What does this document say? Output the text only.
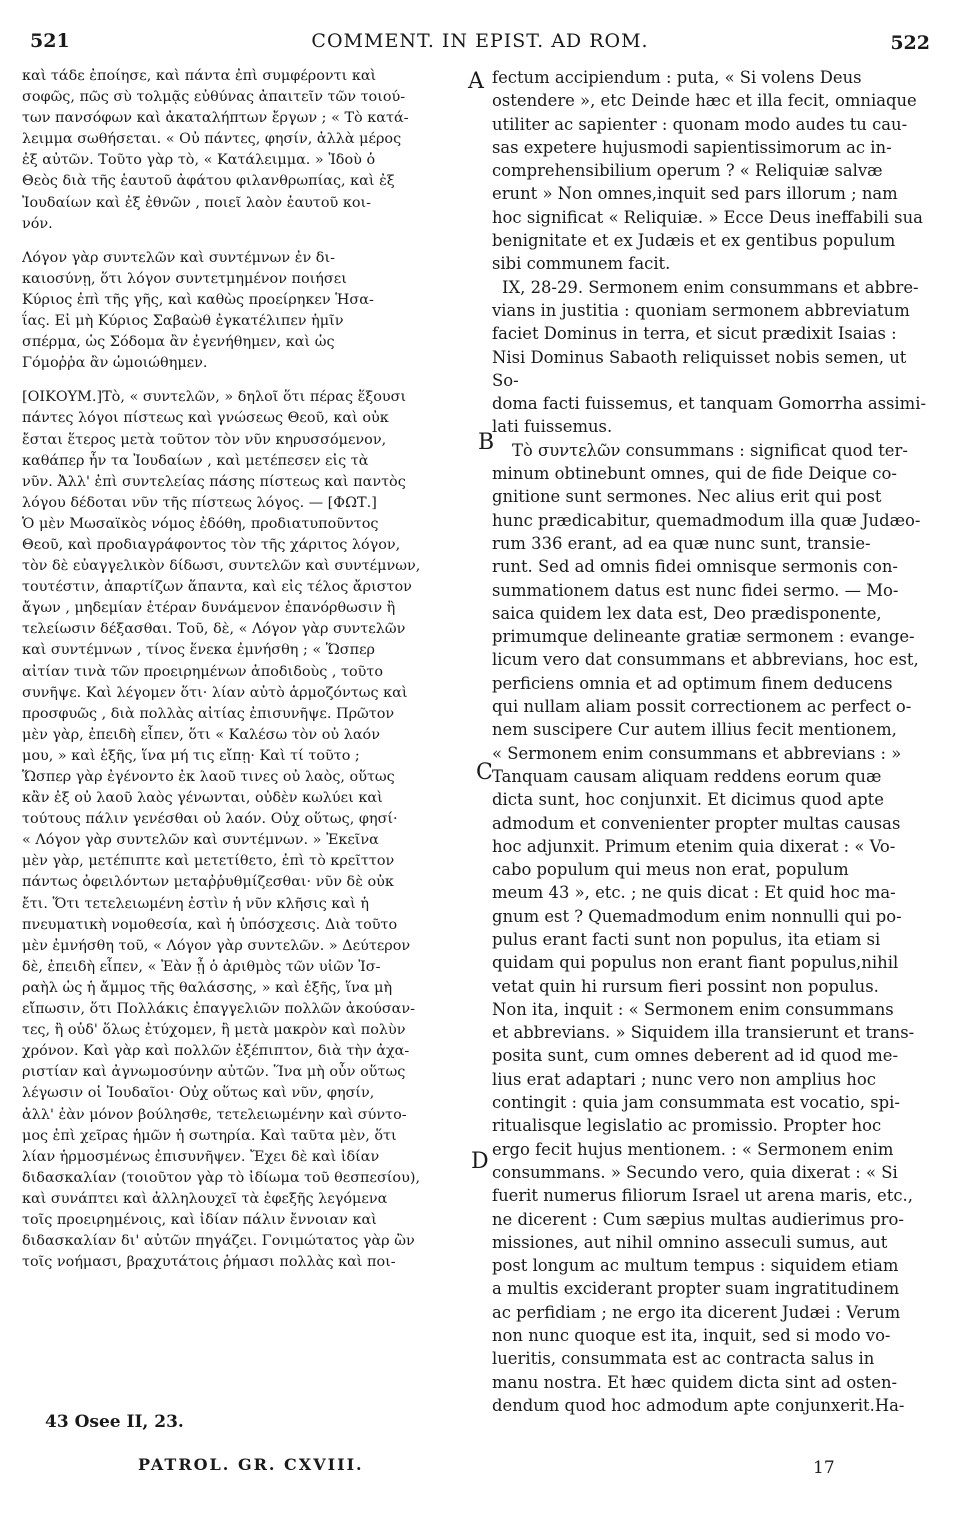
521	COMMENT. IN EPIST. AD ROM.	522

καὶ τάδε ἐποίησε, καὶ πάντα ἐπὶ συμφέροντι καὶ
σοφῶς, πῶς σὺ τολμᾷς εὐθύνας ἀπαιτεῖν τῶν τοιού-
των πανσόφων καὶ ἀκαταλήπτων ἔργων ; « Τὸ κατά-
λειμμα σωθήσεται. « Οὐ πάντες, φησίν, ἀλλὰ μέρος
ἐξ αὐτῶν. Τοῦτο γὰρ τὸ, « Κατάλειμμα. » Ἰδοὺ ὁ
Θεὸς διὰ τῆς ἑαυτοῦ ἀφάτου φιλανθρωπίας, καὶ ἐξ
Ἰουδαίων καὶ ἐξ ἐθνῶν , ποιεῖ λαὸν ἑαυτοῦ κοι-
νόν.

Λόγον γὰρ συντελῶν καὶ συντέμνων ἐν δι-
καιοσύνῃ, ὅτι λόγον συντετμημένον ποιήσει
Κύριος ἐπὶ τῆς γῆς, καὶ καθὼς προείρηκεν Ἡσα-
ΐας. Εἰ μὴ Κύριος Σαβαὼθ ἐγκατέλιπεν ἡμῖν
σπέρμα, ὡς Σόδομα ἂν ἐγενήθημεν, καὶ ὡς
Γόμοῤῥα ἂν ὡμοιώθημεν.

[ΟΙΚΟΥΜ.]Τὸ, « συντελῶν, » δηλοῖ ὅτι πέρας ἕξουσι
πάντες λόγοι πίστεως καὶ γνώσεως Θεοῦ, καὶ οὐκ
ἔσται ἕτερος μετὰ τοῦτον τὸν νῦν κηρυσσόμενον,
καθάπερ ἦν τα Ἰουδαίων , καὶ μετέπεσεν εἰς τὰ
νῦν. Ἀλλ' ἐπὶ συντελείας πάσης πίστεως καὶ παντὸς
λόγου δέδοται νῦν τῆς πίστεως λόγος. — [ΦΩΤ.]
Ὁ μὲν Μωσαϊκὸς νόμος ἐδόθη, προδιατυποῦντος
Θεοῦ, καὶ προδιαγράφοντος τὸν τῆς χάριτος λόγον,
τὸν δὲ εὐαγγελικὸν δίδωσι, συντελῶν καὶ συντέμνων,
τουτέστιν, ἀπαρτίζων ἅπαντα, καὶ εἰς τέλος ἄριστον
ἄγων , μηδεμίαν ἑτέραν δυνάμενον ἐπανόρθωσιν ἢ
τελείωσιν δέξασθαι. Τοῦ, δὲ, « Λόγον γὰρ συντελῶν
καὶ συντέμνων , τίνος ἕνεκα ἐμνήσθη ; « Ὥσπερ
αἰτίαν τινὰ τῶν προειρημένων ἀποδιδοὺς , τοῦτο
συνῆψε. Καὶ λέγομεν ὅτι· λίαν αὐτὸ ἁρμοζόντως καὶ
προσφυῶς , διὰ πολλὰς αἰτίας ἐπισυνῆψε. Πρῶτον
μὲν γὰρ, ἐπειδὴ εἶπεν, ὅτι « Καλέσω τὸν οὐ λαόν
μου, » καὶ ἑξῆς, ἵνα μή τις εἴπῃ· Καὶ τί τοῦτο ;
Ὥσπερ γὰρ ἐγένοντο ἐκ λαοῦ τινες οὐ λαὸς, οὕτως
κἂν ἐξ οὐ λαοῦ λαὸς γένωνται, οὐδὲν κωλύει καὶ
τούτους πάλιν γενέσθαι οὐ λαόν. Οὐχ οὕτως, φησί·
« Λόγον γὰρ συντελῶν καὶ συντέμνων. » Ἐκεῖνα
μὲν γὰρ, μετέπιπτε καὶ μετετίθετο, ἐπὶ τὸ κρεῖττον
πάντως ὀφειλόντων μεταῤῥυθμίζεσθαι· νῦν δὲ οὐκ
ἔτι. Ὅτι τετελειωμένη ἐστὶν ἡ νῦν κλῆσις καὶ ἡ
πνευματικὴ νομοθεσία, καὶ ἡ ὑπόσχεσις. Διὰ τοῦτο
μὲν ἐμνήσθη τοῦ, « Λόγον γὰρ συντελῶν. » Δεύτερον
δὲ, ἐπειδὴ εἶπεν, « Ἐὰν ᾖ ὁ ἀριθμὸς τῶν υἱῶν Ἰσ-
ραὴλ ὡς ἡ ἄμμος τῆς θαλάσσης, » καὶ ἑξῆς, ἵνα μὴ
εἴπωσιν, ὅτι Πολλάκις ἐπαγγελιῶν πολλῶν ἀκούσαν-
τες, ἢ οὐδ' ὅλως ἐτύχομεν, ἢ μετὰ μακρὸν καὶ πολὺν
χρόνον. Καὶ γὰρ καὶ πολλῶν ἐξέπιπτον, διὰ τὴν ἀχα-
ριστίαν καὶ ἀγνωμοσύνην αὐτῶν. Ἵνα μὴ οὖν οὕτως
λέγωσιν οἱ Ἰουδαῖοι· Οὐχ οὕτως καὶ νῦν, φησίν,
ἀλλ' ἐὰν μόνον βούλησθε, τετελειωμένην καὶ σύντο-
μος ἐπὶ χεῖρας ἡμῶν ἡ σωτηρία. Καὶ ταῦτα μὲν, ὅτι
λίαν ἡρμοσμένως ἐπισυνῆψεν. Ἔχει δὲ καὶ ἰδίαν
διδασκαλίαν (τοιοῦτον γὰρ τὸ ἰδίωμα τοῦ θεσπεσίου),
καὶ συνάπτει καὶ ἀλληλουχεῖ τὰ ἐφεξῆς λεγόμενα
τοῖς προειρημένοις, καὶ ἰδίαν πάλιν ἔννοιαν καὶ
διδασκαλίαν δι' αὐτῶν πηγάζει. Γονιμώτατος γὰρ ὢν
τοῖς νοήμασι, βραχυτάτοις ῥήμασι πολλὰς καὶ ποι-

fectum accipiendum : puta, « Si volens Deus
ostendere », etc Deinde hæc et illa fecit, omniaque
utiliter ac sapienter : quonam modo audes tu cau-
sas expetere hujusmodi sapientissimorum ac in-
comprehensibilium operum ? « Reliquiæ salvæ
erunt » Non omnes,inquit sed pars illorum ; nam
hoc significat « Reliquiæ. » Ecce Deus ineffabili sua
benignitate et ex Judæis et ex gentibus populum
sibi communem facit.

IX, 28-29. Sermonem enim consummans et abbre-
vians in justitia : quoniam sermonem abbreviatum
faciet Dominus in terra, et sicut prædixit Isaias :
Nisi Dominus Sabaoth reliquisset nobis semen, ut So-
doma facti fuissemus, et tanquam Gomorrha assimi-
lati fuissemus.

Τὸ συντελῶν consummans : significat quod ter-
minum obtinebunt omnes, qui de fide Deique co-
gnitione sunt sermones. Nec alius erit qui post
hunc prædicabitur, quemadmodum illa quæ Judæo-
rum 336 erant, ad ea quæ nunc sunt, transie-
runt. Sed ad omnis fidei omnisque sermonis con-
summationem datus est nunc fidei sermo. — Mo-
saica quidem lex data est, Deo prædisponente,
primumque delineante gratiæ sermonem : evange-
licum vero dat consummans et abbrevians, hoc est,
perficiens omnia et ad optimum finem deducens
qui nullam aliam possit correctionem ac perfect o-
nem suscipere Cur autem illius fecit mentionem,
« Sermonem enim consummans et abbrevians : »
Tanquam causam aliquam reddens eorum quæ
dicta sunt, hoc conjunxit. Et dicimus quod apte
admodum et convenienter propter multas causas
hoc adjunxit. Primum etenim quia dixerat : « Vo-
cabo populum qui meus non erat, populum
meum 43 », etc. ; ne quis dicat : Et quid hoc ma-
gnum est ? Quemadmodum enim nonnulli qui po-
pulus erant facti sunt non populus, ita etiam si
quidam qui populus non erant fiant populus,nihil
vetat quin hi rursum fieri possint non populus.
Non ita, inquit : « Sermonem enim consummans
et abbrevians. » Siquidem illa transierunt et trans-
posita sunt, cum omnes deberent ad id quod me-
lius erat adaptari ; nunc vero non amplius hoc
contingit : quia jam consummata est vocatio, spi-
ritualisque legislatio ac promissio. Propter hoc
ergo fecit hujus mentionem. : « Sermonem enim
consummans. » Secundo vero, quia dixerat : « Si
fuerit numerus filiorum Israel ut arena maris, etc.,
ne dicerent : Cum sæpius multas audierimus pro-
missiones, aut nihil omnino asseculi sumus, aut
post longum ac multum tempus : siquidem etiam
a multis exciderant propter suam ingratitudinem
ac perfidiam ; ne ergo ita dicerent Judæi : Verum
non nunc quoque est ita, inquit, sed si modo vo-
lueritis, consummata est ac contracta salus in
manu nostra. Et hæc quidem dicta sint ad osten-
dendum quod hoc admodum apte conjunxerit.Ha-

A
B
C
D
43 Osee II, 23.
PATROL. GR. CXVIII.	17
